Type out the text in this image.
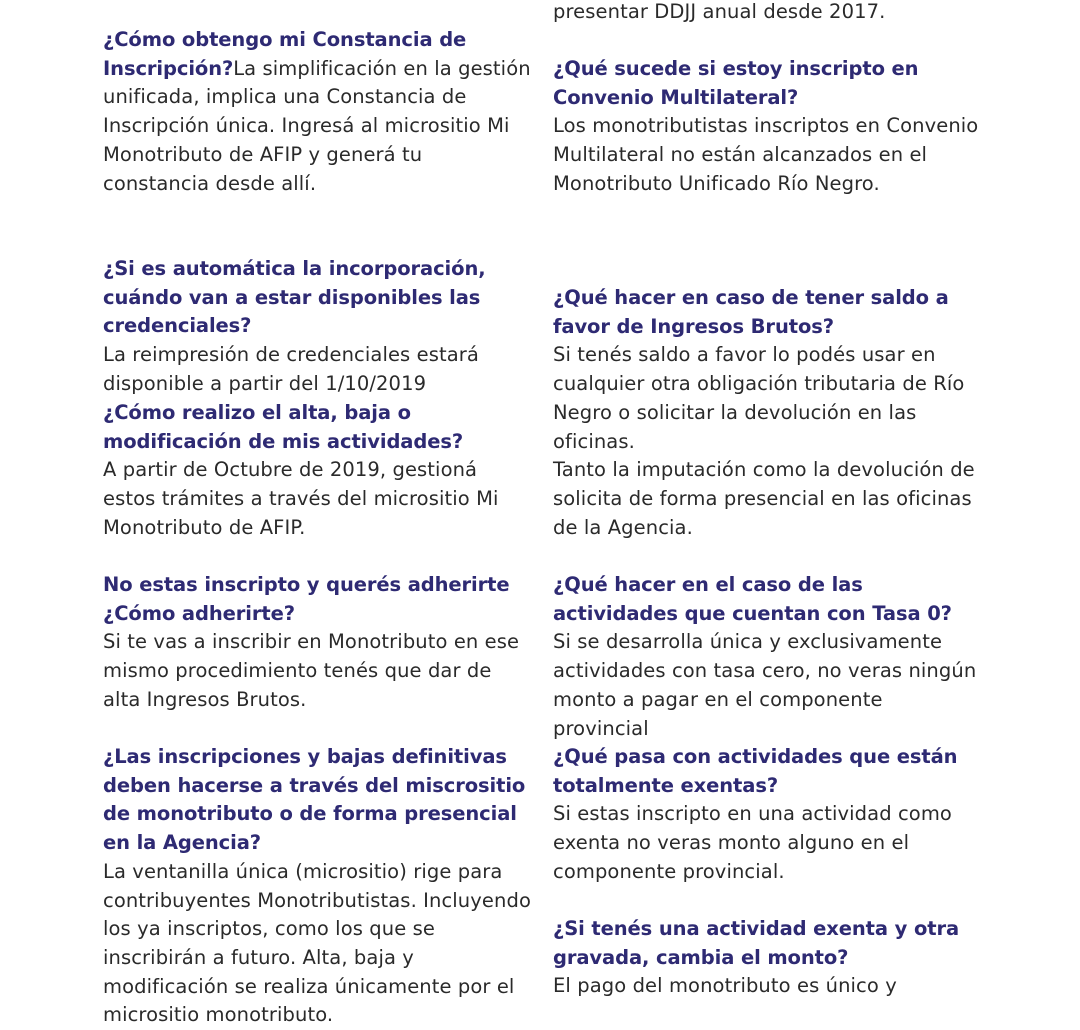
¿Cómo obtengo mi Constancia de Inscripción?La simplificación en la gestión unificada, implica una Constancia de Inscripción única. Ingresá al micrositio Mi Monotributo de AFIP y generá tu constancia desde allí.
¿Si es automática la incorporación, cuándo van a estar disponibles las credenciales?
La reimpresión de credenciales estará disponible a partir del 1/10/2019
¿Cómo realizo el alta, baja o modificación de mis actividades?
A partir de Octubre de 2019, gestioná estos trámites a través del micrositio Mi Monotributo de AFIP.
No estas inscripto y querés adherirte ¿Cómo adherirte?
Si te vas a inscribir en Monotributo en ese mismo procedimiento tenés que dar de alta Ingresos Brutos.
¿Las inscripciones y bajas definitivas deben hacerse a través del miscrositio de monotributo o de forma presencial en la Agencia?
La ventanilla única (micrositio) rige para contribuyentes Monotributistas. Incluyendo los ya inscriptos, como los que se inscribirán a futuro. Alta, baja y modificación se realiza únicamente por el micrositio monotributo.
presentar DDJJ anual desde 2017.
¿Qué sucede si estoy inscripto en Convenio Multilateral?
Los monotributistas inscriptos en Convenio Multilateral no están alcanzados en el Monotributo Unificado Río Negro.
¿Qué hacer en caso de tener saldo a favor de Ingresos Brutos?
Si tenés saldo a favor lo podés usar en cualquier otra obligación tributaria de Río Negro o solicitar la devolución en las oficinas.
Tanto la imputación como la devolución de solicita de forma presencial en las oficinas de la Agencia.
¿Qué hacer en el caso de las actividades que cuentan con Tasa 0?
Si se desarrolla única y exclusivamente actividades con tasa cero, no veras ningún monto a pagar en el componente provincial
¿Qué pasa con actividades que están totalmente exentas?
Si estas inscripto en una actividad como exenta no veras monto alguno en el componente provincial.
¿Si tenés una actividad exenta y otra gravada, cambia el monto?
El pago del monotributo es único y
